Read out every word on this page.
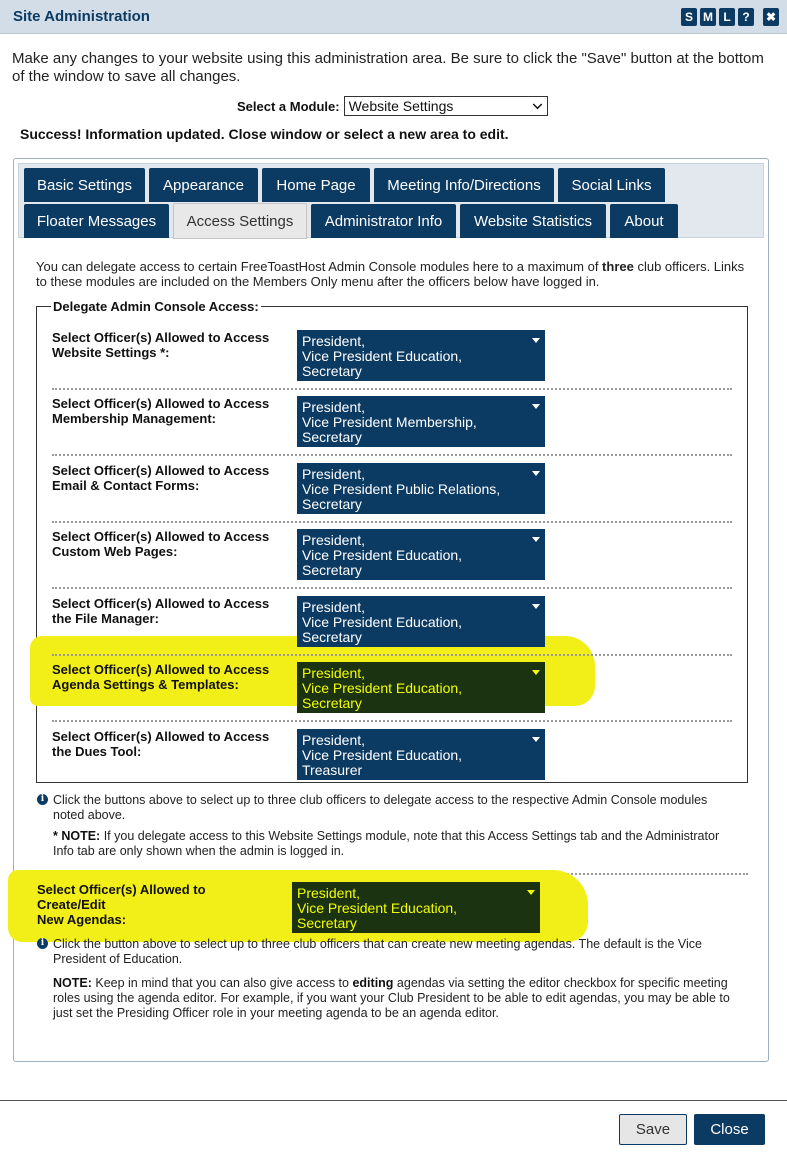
Site Administration	S M L ?	✖
Make any changes to your website using this administration area. Be sure to click the "Save" button at the bottom of the window to save all changes.
Select a Module: Website Settings
Success! Information updated. Close window or select a new area to edit.
Basic Settings	Appearance	Home Page	Meeting Info/Directions	Social Links
Floater Messages	Access Settings	Administrator Info	Website Statistics	About
You can delegate access to certain FreeToastHost Admin Console modules here to a maximum of three club officers. Links to these modules are included on the Members Only menu after the officers below have logged in.
Delegate Admin Console Access:
Select Officer(s) Allowed to Access
Website Settings *:
President,
Vice President Education,
Secretary
Select Officer(s) Allowed to Access
Membership Management:
President,
Vice President Membership,
Secretary
Select Officer(s) Allowed to Access
Email & Contact Forms:
President,
Vice President Public Relations,
Secretary
Select Officer(s) Allowed to Access
Custom Web Pages:
President,
Vice President Education,
Secretary
Select Officer(s) Allowed to Access
the File Manager:
President,
Vice President Education,
Secretary
Select Officer(s) Allowed to Access
Agenda Settings & Templates:
President,
Vice President Education,
Secretary
Select Officer(s) Allowed to Access
the Dues Tool:
President,
Vice President Education,
Treasurer
i Click the buttons above to select up to three club officers to delegate access to the respective Admin Console modules noted above.

* NOTE: If you delegate access to this Website Settings module, note that this Access Settings tab and the Administrator Info tab are only shown when the admin is logged in.

Select Officer(s) Allowed to Create/Edit
New Agendas:
President,
Vice President Education,
Secretary
i Click the button above to select up to three club officers that can create new meeting agendas. The default is the Vice President of Education.

NOTE: Keep in mind that you can also give access to editing agendas via setting the editor checkbox for specific meeting roles using the agenda editor. For example, if you want your Club President to be able to edit agendas, you may be able to just set the Presiding Officer role in your meeting agenda to be an agenda editor.

Save	Close
